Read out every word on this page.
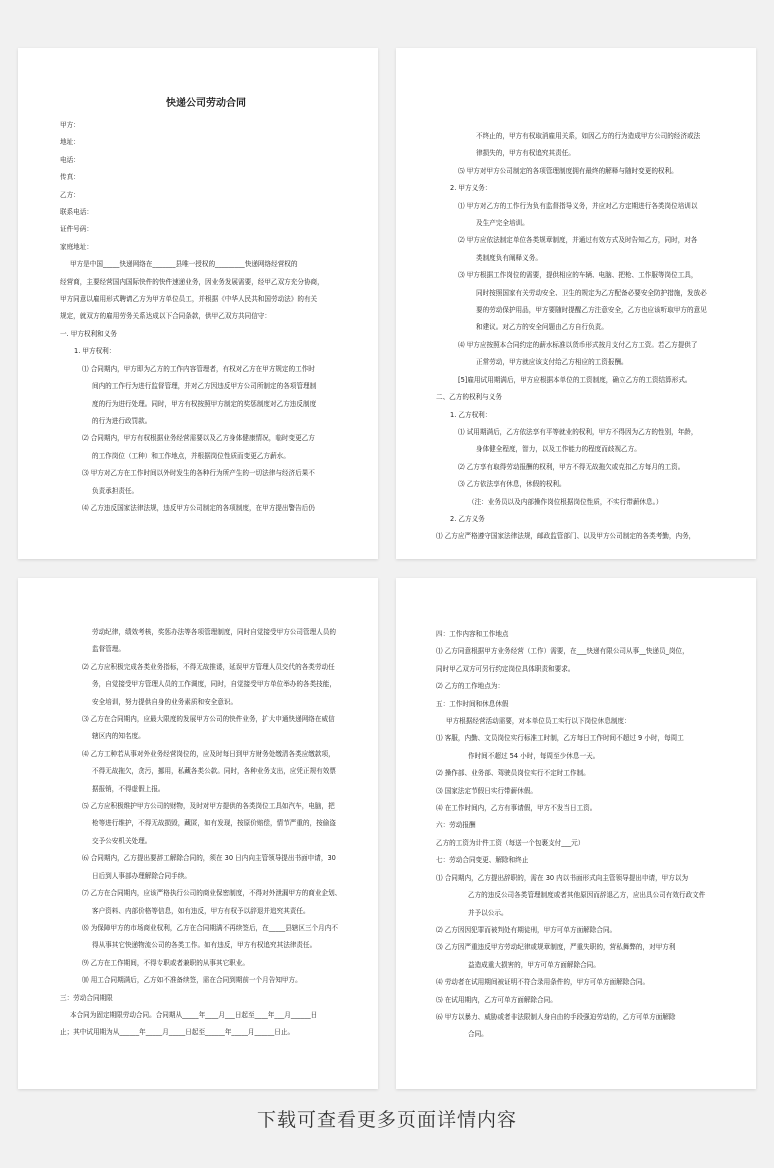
快递公司劳动合同
甲方：
地址：
电话：
传真：
乙方：
联系电话：
证件号码：
家庭地址：
甲方是中国_____快递网络在_______县唯一授权的_________快递网络经营权的
经营商，主要经营国内国际快件的快件速递业务，因业务发展需要，经甲乙双方充分协商，
甲方同意以雇用形式聘请乙方为甲方单位员工，并根据《中华人民共和国劳动法》的有关
规定，就双方的雇用劳务关系达成以下合同条款，供甲乙双方共同信守：
一. 甲方权利和义务
1. 甲方权利：
⑴ 合同期内，甲方即为乙方的工作内容管理者，有权对乙方在甲方规定的工作时
间内的工作行为进行监督管理，并对乙方因违反甲方公司所制定的各项管理制
度的行为进行处理。同时，甲方有权按照甲方制定的奖惩制度对乙方违反制度
的行为进行政罚款。
⑵ 合同期内，甲方有权根据业务经营需要以及乙方身体健康情况，临时变更乙方
的工作岗位（工种）和工作地点，并根据岗位性质而变更乙方薪水。
⑶ 甲方对乙方在工作时间以外时发生的各种行为所产生的一切法律与经济后果不
负责承担责任。
⑷ 乙方违反国家法律法规，违反甲方公司制定的各项制度，在甲方提出警告后仍
不终止的，甲方有权取消雇用关系，如因乙方的行为造成甲方公司的经济或法
律损失的，甲方有权追究其责任。
⑸ 甲方对甲方公司制定的各项管理制度拥有最终的解释与随时变更的权利。
2. 甲方义务：
⑴ 甲方对乙方的工作行为负有监督指导义务，并应对乙方定期进行各类岗位培训以
及生产完全培训。
⑵ 甲方应依法制定单位各类规章制度，并通过有效方式及时告知乙方，同时，对各
类制度负有阐释义务。
⑶ 甲方根据工作岗位的需要，提供相应的车辆、电脑、把枪、工作服等岗位工具，
同时按照国家有关劳动安全、卫生的规定为乙方配备必要安全防护措施，发放必
要的劳动保护用品，甲方要随时提醒乙方注意安全，乙方也应该听取甲方的意见
和建议。对乙方的安全问题由乙方自行负责。
⑷ 甲方应按照本合同约定的薪水标准以货币形式按月支付乙方工资。若乙方提供了
正常劳动，甲方就应该支付给乙方相应的工资报酬。
[5]雇用试用期满后，甲方应根据本单位的工资制度，确立乙方的工资结算形式。
二、乙方的权利与义务
1. 乙方权利：
⑴ 试用期满后，乙方依法享有平等就业的权利，甲方不得因为乙方的性别，年龄，
身体健全程度，智力，以及工作能力的程度而歧视乙方。
⑵ 乙方享有取得劳动报酬的权利，甲方不得无故拖欠或克扣乙方每月的工资。
⑶ 乙方依法享有休息，休假的权利。
（注：业务员以及内部操作岗位根据岗位性质，不实行带薪休息。）
2. 乙方义务
⑴ 乙方应严格遵守国家法律法规，邮政监管部门、以及甲方公司制定的各类考勤，内务，
劳动纪律，绩效考核，奖惩办法等各项管理制度，同时自觉接受甲方公司管理人员的
监督管理。
⑵ 乙方应积极完成各类业务指标，不得无故推诿，延误甲方管理人员交代的各类劳动任
务，自觉接受甲方管理人员的工作调度，同时，自觉接受甲方单位举办的各类技能，
安全培训，努力提供自身的业务素质和安全意识。
⑶ 乙方在合同期内，应最大限度的发展甲方公司的快件业务，扩大申通快递网络在威信
辖区内的知名度。
⑷ 乙方工种若从事对外业务经营岗位的，应及时每日到甲方财务处缴清各类应缴款项，
不得无故拖欠，贪污，挪用，私藏各类公款。同时，各种业务支出，应凭正规有效票
据报销，不得虚假上报。
⑸ 乙方应积极维护甲方公司的财物，及时对甲方提供的各类岗位工具如汽车，电脑，把
枪等进行维护，不得无故损毁，藏匿，如有发现，按原价赔偿，情节严重的，按偷盗
交予公安机关处理。
⑹ 合同期内，乙方提出要辞工解除合同的，须在 30 日内向主管领导提出书面申请，30
日后到人事部办理解除合同手续。
⑺ 乙方在合同期内，应该严格执行公司的商业保密制度，不得对外泄漏甲方的商业企划、
客户资料、内部价格等信息，如有违反，甲方有权予以辞退并追究其责任。
⑻ 为保障甲方的市场商业权利，乙方在合同期满不再续签后，在_____县辖区三个月内不
得从事其它快递物流公司的各类工作。如有违反，甲方有权追究其法律责任。
⑼ 乙方在工作期间，不得专职或者兼职的从事其它职业。
⑽ 用工合同期满后，乙方如不准备续签，需在合同到期前一个月告知甲方。
三：劳动合同期限
本合同为固定期限劳动合同。合同期从_____年____月___日起至____年___月______日
止；其中试用期为从______年_____月_____日起至______年_____月______日止。
四：工作内容和工作地点
⑴ 乙方同意根据甲方业务经营（工作）需要，在___快递有限公司从事__快递员_岗位，
同时甲乙双方可另行约定岗位具体职责和要求。
⑵ 乙方的工作地点为：
五：工作时间和休息休假
甲方根据经营活动需要，对本单位员工实行以下岗位休息制度：
⑴ 客服，内勤、文员岗位实行标准工时制，乙方每日工作时间不超过 9 小时，每周工
作时间不超过 54 小时，每周至少休息一天。
⑵ 操作部、业务部、驾驶员岗位实行不定时工作制。
⑶ 国家法定节假日实行带薪休假。
⑷ 在工作时间内，乙方有事请假，甲方不发当日工资。
六：劳动报酬
乙方的工资为计件工资（每送一个包裹支付___元）
七：劳动合同变更、解除和终止
⑴ 合同期内，乙方提出辞职的，需在 30 内以书面形式向主管领导提出申请，甲方以为
乙方的违反公司各类管理制度或者其他原因而辞退乙方，应出具公司有效行政文件
并予以公示。
⑵ 乙方因因犯罪而被判处有期徒刑，甲方可单方面解除合同。
⑶ 乙方因严重违反甲方劳动纪律或规章制度，严重失职的，营私舞弊的，对甲方利
益造成重大损害的，甲方可单方面解除合同。
⑷ 劳动者在试用期间被证明不符合录用条件的，甲方可单方面解除合同。
⑸ 在试用期内，乙方可单方面解除合同。
⑹ 甲方以暴力、威胁或者非法限制人身自由的手段强迫劳动的，乙方可单方面解除
合同。
下载可查看更多页面详情内容
